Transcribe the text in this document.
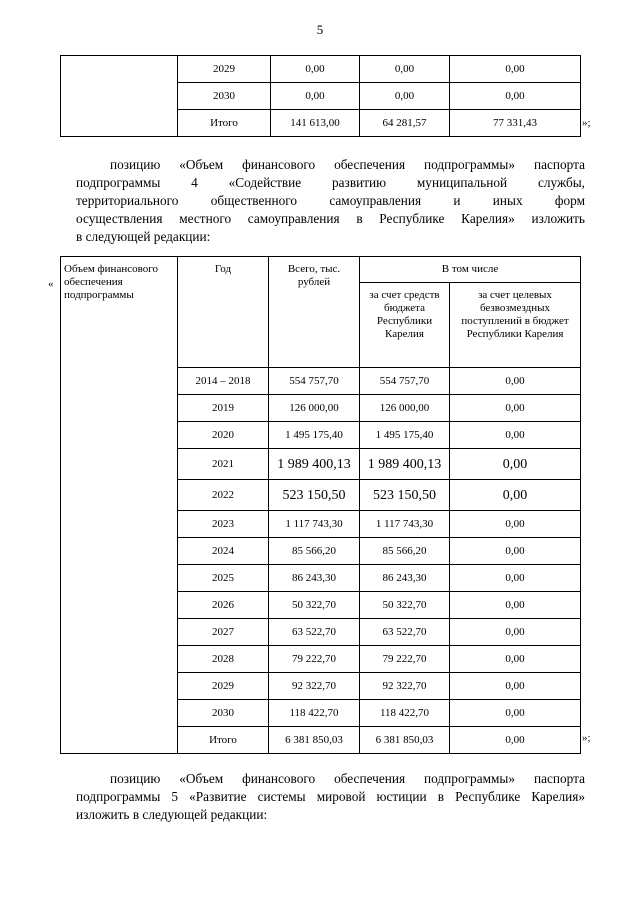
5
	2029	0,00	0,00	0,00
	2030	0,00	0,00	0,00
	Итого	141 613,00	64 281,57	77 331,43	»;
позицию «Объем финансового обеспечения подпрограммы» паспорта
подпрограммы 4 «Содействие развитию муниципальной службы,
территориального общественного самоуправления и иных форм
осуществления местного самоуправления в Республике Карелия» изложить
в следующей редакции:
«
Объем финансового обеспечения подпрограммы	Год	Всего, тыс. рублей	В том числе	
			за счет средств бюджета Республики Карелия	за счет целевых безвозмездных поступлений в бюджет Республики Карелия
	2014 – 2018	554 757,70	554 757,70	0,00
	2019	126 000,00	126 000,00	0,00
	2020	1 495 175,40	1 495 175,40	0,00
	2021	1 989 400,13	1 989 400,13	0,00
	2022	523 150,50	523 150,50	0,00
	2023	1 117 743,30	1 117 743,30	0,00
	2024	85 566,20	85 566,20	0,00
	2025	86 243,30	86 243,30	0,00
	2026	50 322,70	50 322,70	0,00
	2027	63 522,70	63 522,70	0,00
	2028	79 222,70	79 222,70	0,00
	2029	92 322,70	92 322,70	0,00
	2030	118 422,70	118 422,70	0,00
	Итого	6 381 850,03	6 381 850,03	0,00	»;
позицию «Объем финансового обеспечения подпрограммы» паспорта
подпрограммы 5 «Развитие системы мировой юстиции в Республике Карелия»
изложить в следующей редакции:
